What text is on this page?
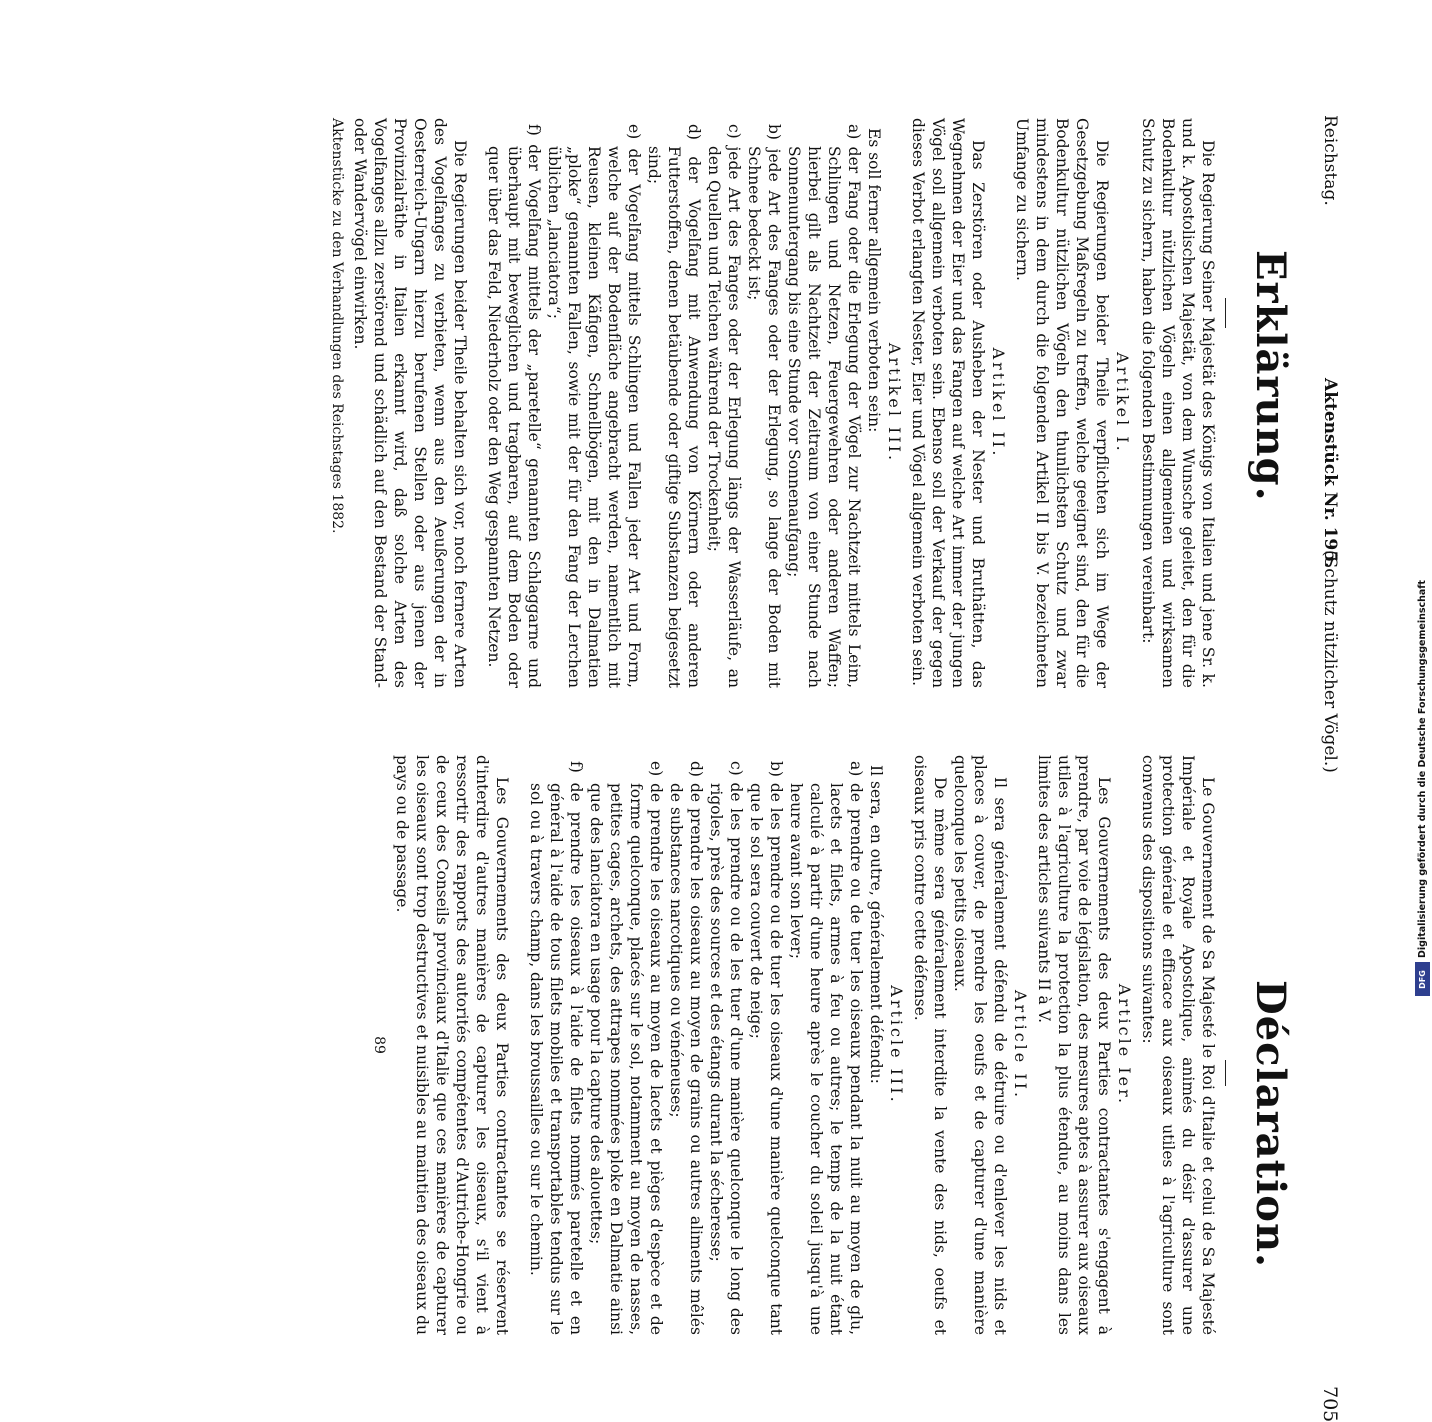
Reichstag.
Aktenstück Nr. 195.
(Schutz nützlicher Vögel.)
705
Erklärung.

Die Regierung Seiner Majestät des Königs von Italien und jene Sr. k. und k. Apostolischen Majestät, von dem Wunsche geleitet, den für die Bodenkultur nützlichen Vögeln einen allgemeinen und wirksamen Schutz zu sichern, haben die folgenden Bestimmungen vereinbart:

Artikel I.

Die Regierungen beider Theile verpflichten sich im Wege der Gesetzgebung Maßregeln zu treffen, welche geeignet sind, den für die Bodenkultur nützlichen Vögeln den thunlichsten Schutz und zwar mindestens in dem durch die folgenden Artikel II bis V. bezeichneten Umfange zu sichern.

Artikel II.

Das Zerstören oder Ausheben der Nester und Bruthätten, das Wegnehmen der Eier und das Fangen auf welche Art immer der jungen Vögel soll allgemein verboten sein. Ebenso soll der Verkauf der gegen dieses Verbot erlangten Nester, Eier und Vögel allgemein verboten sein.

Artikel III.

Es soll ferner allgemein verboten sein:

a) der Fang oder die Erlegung der Vögel zur Nachtzeit mittels Leim, Schlingen und Netzen, Feuergewehren oder anderen Waffen; hierbei gilt als Nachtzeit der Zeitraum von einer Stunde nach Sonnenuntergang bis eine Stunde vor Sonnenaufgang;

b) jede Art des Fanges oder der Erlegung, so lange der Boden mit Schnee bedeckt ist;

c) jede Art des Fanges oder der Erlegung längs der Wasserläufe, an den Quellen und Teichen während der Trockenheit;

d) der Vogelfang mit Anwendung von Körnern oder anderen Futterstoffen, denen betäubende oder giftige Substanzen beigesetzt sind;

e) der Vogelfang mittels Schlingen und Fallen jeder Art und Form, welche auf der Bodenfläche angebracht werden, namentlich mit Reusen, kleinen Käfigen, Schnellbögen, mit den in Dalmatien „ploke“ genannten Fallen, sowie mit der für den Fang der Lerchen üblichen „lanciatora“;

f) der Vogelfang mittels der „paretelle“ genannten Schlaggarne und überhaupt mit beweglichen und tragbaren, auf dem Boden oder quer über das Feld, Niederholz oder den Weg gespannten Netzen.

Die Regierungen beider Theile behalten sich vor, noch fernere Arten des Vogelfanges zu verbieten, wenn aus den Aeußerungen der in Oesterreich-Ungarn hierzu berufenen Stellen oder aus jenen der Provinzialräthe in Italien erkannt wird, daß solche Arten des Vogelfanges allzu zerstörend und schädlich auf den Bestand der Stand- oder Wandervögel einwirken.

Aktenstücke zu den Verhandlungen des Reichstages 1882.

Déclaration.

Le Gouvernement de Sa Majesté le Roi d'Italie et celui de Sa Majesté Impériale et Royale Apostolique, animés du désir d'assurer une protection générale et efficace aux oiseaux utiles à l'agriculture sont convenus des dispositions suivantes:

Article Ier.

Les Gouvernements des deux Parties contractantes s'engagent à prendre, par voie de législation, des mesures aptes à assurer aux oiseaux utiles à l'agriculture la protection la plus étendue, au moins dans les limites des articles suivants II à V.

Article II.

Il sera généralement défendu de détruire ou d'enlever les nids et places à couver, de prendre les oeufs et de capturer d'une manière quelconque les petits oiseaux.

De même sera généralement interdite la vente des nids, oeufs et oiseaux pris contre cette défense.

Article III.

Il sera, en outre, généralement défendu:

a) de prendre ou de tuer les oiseaux pendant la nuit au moyen de glu, lacets et filets, armes à feu ou autres; le temps de la nuit étant calculé à partir d'une heure après le coucher du soleil jusqu'à une heure avant son lever;

b) de les prendre ou de tuer les oiseaux d'une manière quelconque tant que le sol sera couvert de neige;

c) de les prendre ou de les tuer d'une manière quelconque le long des rigoles, près des sources et des étangs durant la sécheresse;

d) de prendre les oiseaux au moyen de grains ou autres aliments mêlés de substances narcotiques ou vénéneuses;

e) de prendre les oiseaux au moyen de lacets et pièges d'espèce et de forme quelconque, placés sur le sol, notamment au moyen de nasses, petites cages, archets, des attrapes nommées ploke en Dalmatie ainsi que des lanciatora en usage pour la capture des alouettes;

f) de prendre les oiseaux à l'aide de filets nommés paretelle et en général à l'aide de tous filets mobiles et transportables tendus sur le sol ou à travers champ, dans les broussailles ou sur le chemin.

Les Gouvernements des deux Parties contractantes se réservent d'interdire d'autres manières de capturer les oiseaux, s'il vient à ressortir des rapports des autorités compétentes d'Autriche-Hongrie ou de ceux des Conseils provinciaux d'Italie que ces manières de capturer les oiseaux sont trop destructives et nuisibles au maintien des oiseaux du pays ou de passage.

89

Digitalisierung gefördert durch die Deutsche Forschungsgemeinschaft
DFG
